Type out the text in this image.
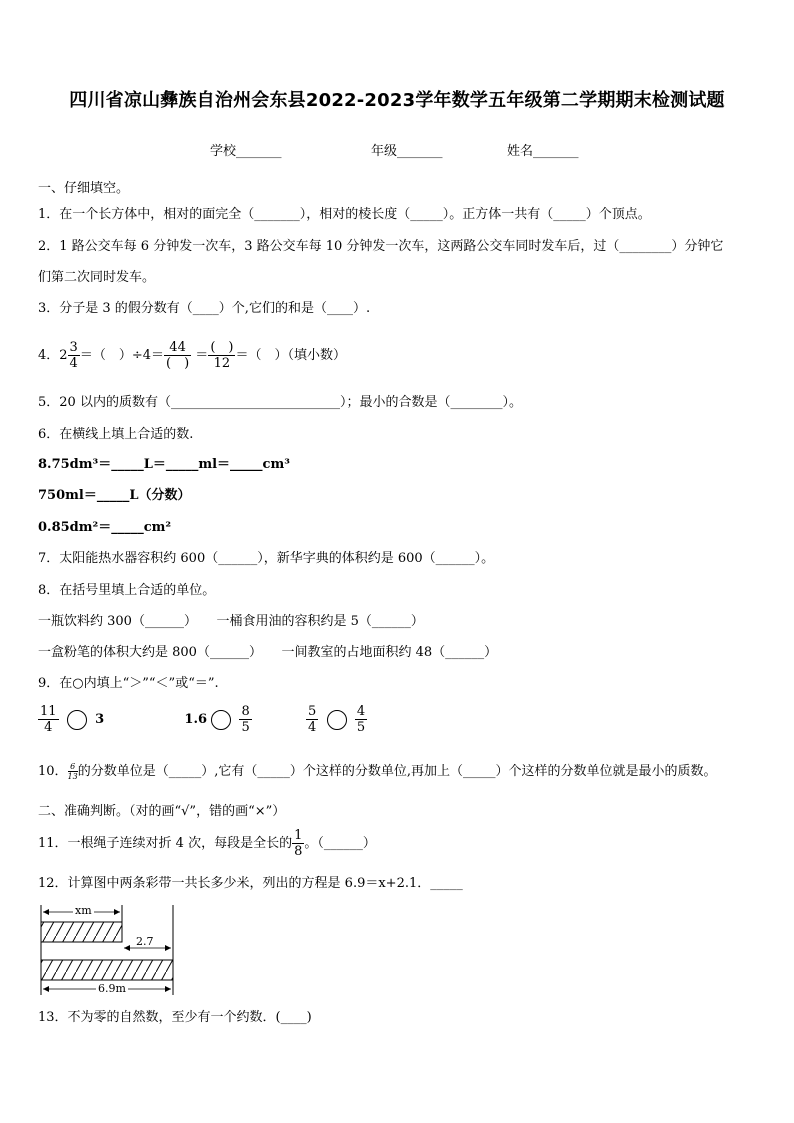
四川省凉山彝族自治州会东县2022-2023学年数学五年级第二学期期末检测试题
学校_______	年级_______	姓名_______
一、仔细填空。
1．在一个长方体中，相对的面完全（_______），相对的棱长度（_____）。正方体一共有（_____）个顶点。
2．1 路公交车每 6 分钟发一次车，3 路公交车每 10 分钟发一次车，这两路公交车同时发车后，过（________）分钟它
们第二次同时发车。
3．分子是 3 的假分数有（____）个,它们的和是（____）.
4．$2 \frac{3}{4}$ ＝（　）$\div 4= \frac{44}{( )} = \frac{( )}{12}$ ＝（　）（填小数）
5．20 以内的质数有（__________________________）；最小的合数是（________）。
6．在横线上填上合适的数.
8.75dm³＝_____L＝_____ml＝_____cm³
750ml＝_____L（分数）
0.85dm²＝_____cm²
7．太阳能热水器容积约 600（______），新华字典的体积约是 600（______）。
8．在括号里填上合适的单位。
一瓶饮料约 300（______）　　一桶食用油的容积约是 5（______）
一盒粉笔的体积大约是 800（______）　　一间教室的占地面积约 48（______）
9．在○内填上“＞”“＜”或“＝”.
$\frac{11}{4}$	3	$1.6 \frac{8}{5}$
	$\frac{5}{4}$
	$\frac{4}{5}$
10． $\frac{6}{13}$ 的分数单位是（_____）,它有（_____）个这样的分数单位,再加上（_____）个这样的分数单位就是最小的质数。
二、准确判断。（对的画“√”，错的画“×”）
11．一根绳子连续对折 4 次，每段是全长的 $\frac{1}{8}$ 。（______）
12．计算图中两条彩带一共长多少米，列出的方程是 6.9＝x+2.1．_____
xm
2.7
6.9m
13．不为零的自然数，至少有一个约数．(____)
